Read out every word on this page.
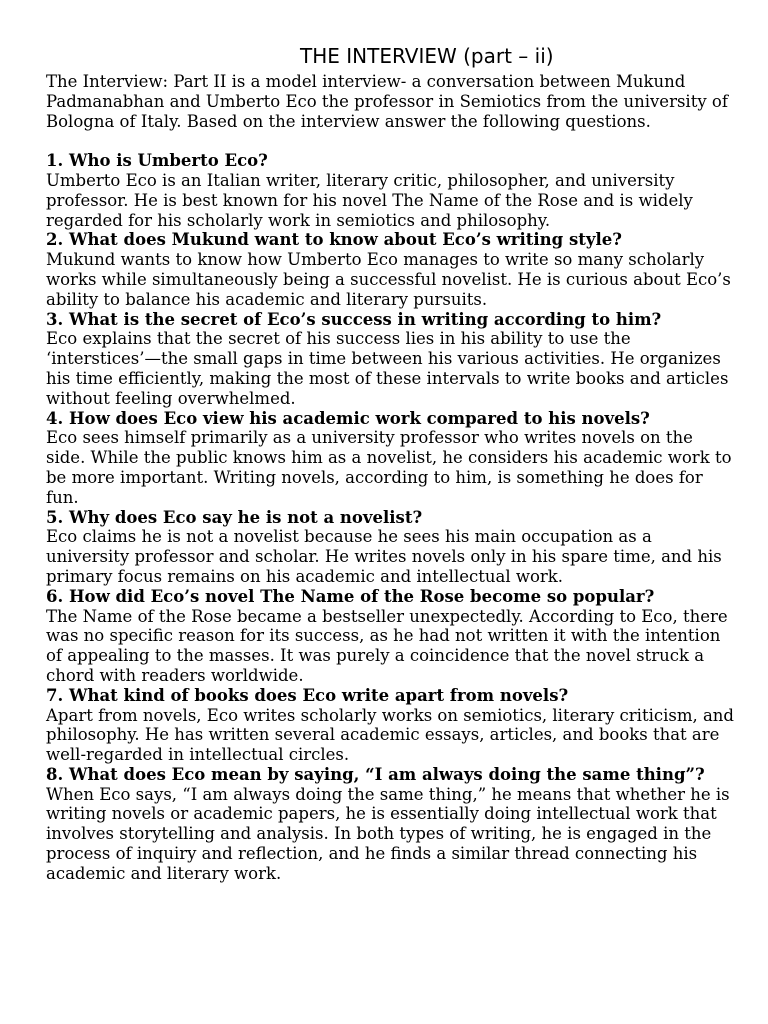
THE INTERVIEW (part – ii)

The Interview: Part II is a model interview- a conversation between Mukund Padmanabhan and Umberto Eco the professor in Semiotics from the university of Bologna of Italy. Based on the interview answer the following questions.

1. Who is Umberto Eco?

Umberto Eco is an Italian writer, literary critic, philosopher, and university professor. He is best known for his novel The Name of the Rose and is widely regarded for his scholarly work in semiotics and philosophy.

2. What does Mukund want to know about Eco’s writing style?

Mukund wants to know how Umberto Eco manages to write so many scholarly works while simultaneously being a successful novelist. He is curious about Eco’s ability to balance his academic and literary pursuits.

3. What is the secret of Eco’s success in writing according to him?

Eco explains that the secret of his success lies in his ability to use the ‘interstices’—the small gaps in time between his various activities. He organizes his time efficiently, making the most of these intervals to write books and articles without feeling overwhelmed.

4. How does Eco view his academic work compared to his novels?

Eco sees himself primarily as a university professor who writes novels on the side. While the public knows him as a novelist, he considers his academic work to be more important. Writing novels, according to him, is something he does for fun.

5. Why does Eco say he is not a novelist?

Eco claims he is not a novelist because he sees his main occupation as a university professor and scholar. He writes novels only in his spare time, and his primary focus remains on his academic and intellectual work.

6. How did Eco’s novel The Name of the Rose become so popular?

The Name of the Rose became a bestseller unexpectedly. According to Eco, there was no specific reason for its success, as he had not written it with the intention of appealing to the masses. It was purely a coincidence that the novel struck a chord with readers worldwide.

7. What kind of books does Eco write apart from novels?

Apart from novels, Eco writes scholarly works on semiotics, literary criticism, and philosophy. He has written several academic essays, articles, and books that are well-regarded in intellectual circles.

8. What does Eco mean by saying, “I am always doing the same thing”?

When Eco says, “I am always doing the same thing,” he means that whether he is writing novels or academic papers, he is essentially doing intellectual work that involves storytelling and analysis. In both types of writing, he is engaged in the process of inquiry and reflection, and he finds a similar thread connecting his academic and literary work.
